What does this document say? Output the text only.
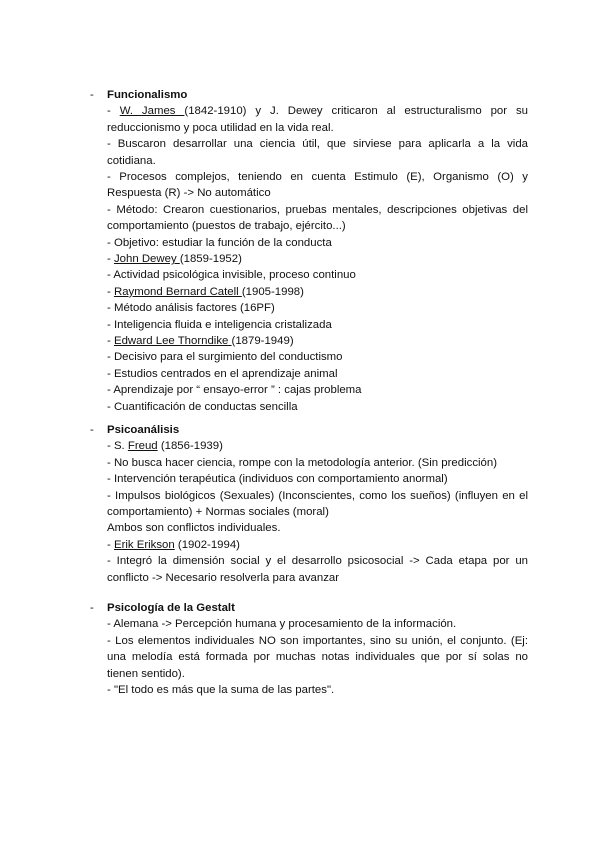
- Funcionalismo
- W. James (1842-1910) y J. Dewey criticaron al estructuralismo por su reduccionismo y poca utilidad en la vida real.
- Buscaron desarrollar una ciencia útil, que sirviese para aplicarla a la vida cotidiana.
- Procesos complejos, teniendo en cuenta Estimulo (E), Organismo (O) y Respuesta (R) -> No automático
- Método: Crearon cuestionarios, pruebas mentales, descripciones objetivas del comportamiento (puestos de trabajo, ejército...)
- Objetivo: estudiar la función de la conducta
- John Dewey (1859-1952)
- Actividad psicológica invisible, proceso continuo
- Raymond Bernard Catell (1905-1998)
- Método análisis factores (16PF)
- Inteligencia fluida e inteligencia cristalizada
- Edward Lee Thorndike (1879-1949)
- Decisivo para el surgimiento del conductismo
- Estudios centrados en el aprendizaje animal
- Aprendizaje por “ ensayo-error ” : cajas problema
- Cuantificación de conductas sencilla
- Psicoanálisis
- S. Freud (1856-1939)
- No busca hacer ciencia, rompe con la metodología anterior. (Sin predicción)
- Intervención terapéutica (individuos con comportamiento anormal)
- Impulsos biológicos (Sexuales) (Inconscientes, como los sueños) (influyen en el comportamiento) + Normas sociales (moral)
Ambos son conflictos individuales.
- Erik Erikson (1902-1994)
- Integró la dimensión social y el desarrollo psicosocial -> Cada etapa por un conflicto -> Necesario resolverla para avanzar
- Psicología de la Gestalt
- Alemana -> Percepción humana y procesamiento de la información.
- Los elementos individuales NO son importantes, sino su unión, el conjunto. (Ej: una melodía está formada por muchas notas individuales que por sí solas no tienen sentido).
- "El todo es más que la suma de las partes".
